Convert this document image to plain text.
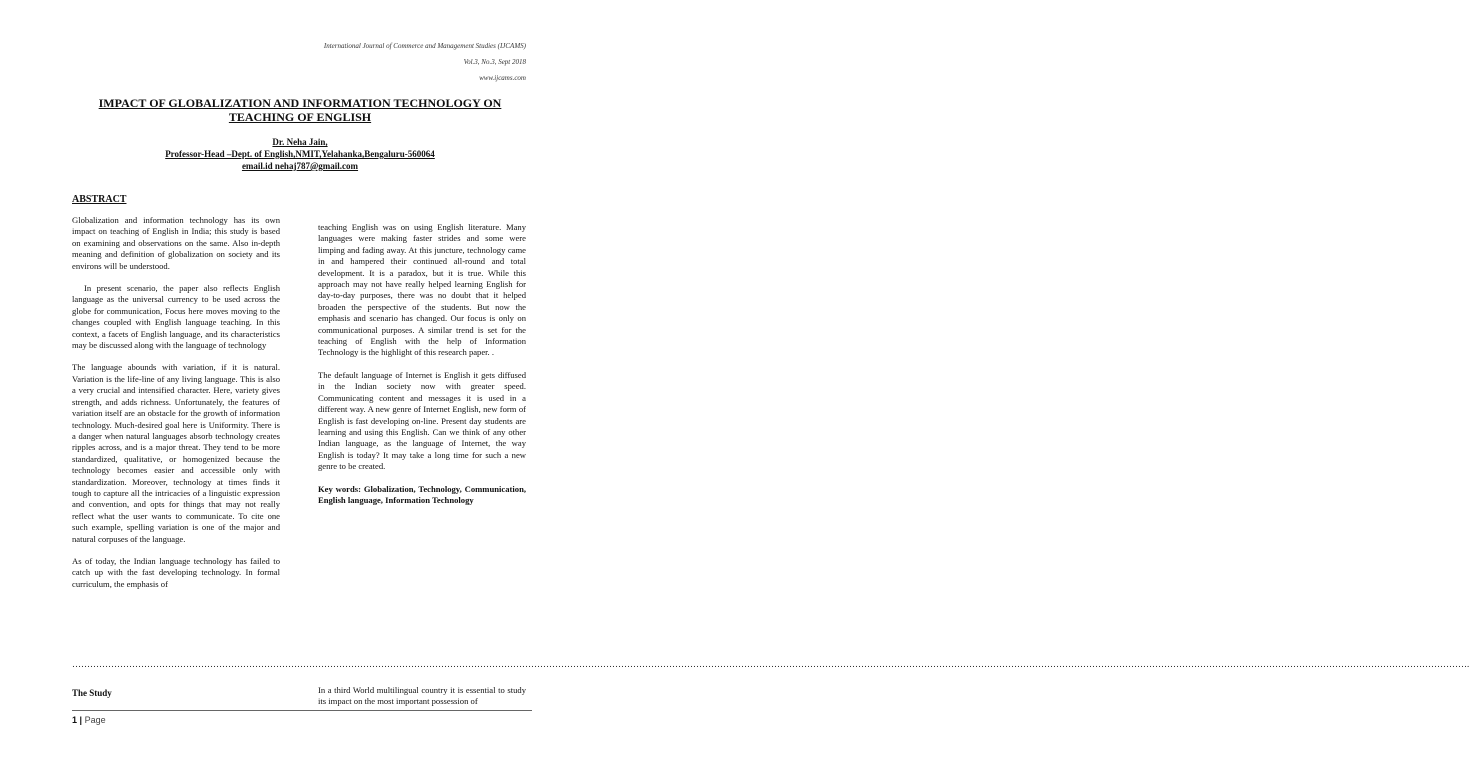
International Journal of Commerce and Management Studies (IJCAMS)
Vol.3, No.3, Sept 2018
www.ijcams.com
IMPACT OF GLOBALIZATION AND INFORMATION TECHNOLOGY ON TEACHING OF ENGLISH
Dr. Neha Jain,
Professor-Head –Dept. of English,NMIT,Yelahanka,Bengaluru-560064
email.id nehaj787@gmail.com
ABSTRACT

Globalization and information technology has its own impact on teaching of English in India; this study is based on examining and observations on the same. Also in-depth meaning and definition of globalization on society and its environs will be understood.

In present scenario, the paper also reflects English language as the universal currency to be used across the globe for communication, Focus here moves moving to the changes coupled with English language teaching. In this context, a facets of English language, and its characteristics may be discussed along with the language of technology

The language abounds with variation, if it is natural. Variation is the life-line of any living language. This is also a very crucial and intensified character. Here, variety gives strength, and adds richness. Unfortunately, the features of variation itself are an obstacle for the growth of information technology. Much-desired goal here is Uniformity. There is a danger when natural languages absorb technology creates ripples across, and is a major threat. They tend to be more standardized, qualitative, or homogenized because the technology becomes easier and accessible only with standardization. Moreover, technology at times finds it tough to capture all the intricacies of a linguistic expression and convention, and opts for things that may not really reflect what the user wants to communicate. To cite one such example, spelling variation is one of the major and natural corpuses of the language.

As of today, the Indian language technology has failed to catch up with the fast developing technology. In formal curriculum, the emphasis of

teaching English was on using English literature. Many languages were making faster strides and some were limping and fading away. At this juncture, technology came in and hampered their continued all-round and total development. It is a paradox, but it is true. While this approach may not have really helped learning English for day-to-day purposes, there was no doubt that it helped broaden the perspective of the students. But now the emphasis and scenario has changed. Our focus is only on communicational purposes. A similar trend is set for the teaching of English with the help of Information Technology is the highlight of this research paper. .

The default language of Internet is English it gets diffused in the Indian society now with greater speed. Communicating content and messages it is used in a different way. A new genre of Internet English, new form of English is fast developing on-line. Present day students are learning and using this English. Can we think of any other Indian language, as the language of Internet, the way English is today? It may take a long time for such a new genre to be created.

Key words: Globalization, Technology, Communication, English language, Information Technology

…………………………………………………………………………………………………………………………………………………………………………………………………………………………………………………………………………………………………………………………………………………………………………………………………………………………….
The Study	In a third World multilingual country it is essential to study its impact on the most important possession of
1 | Page
